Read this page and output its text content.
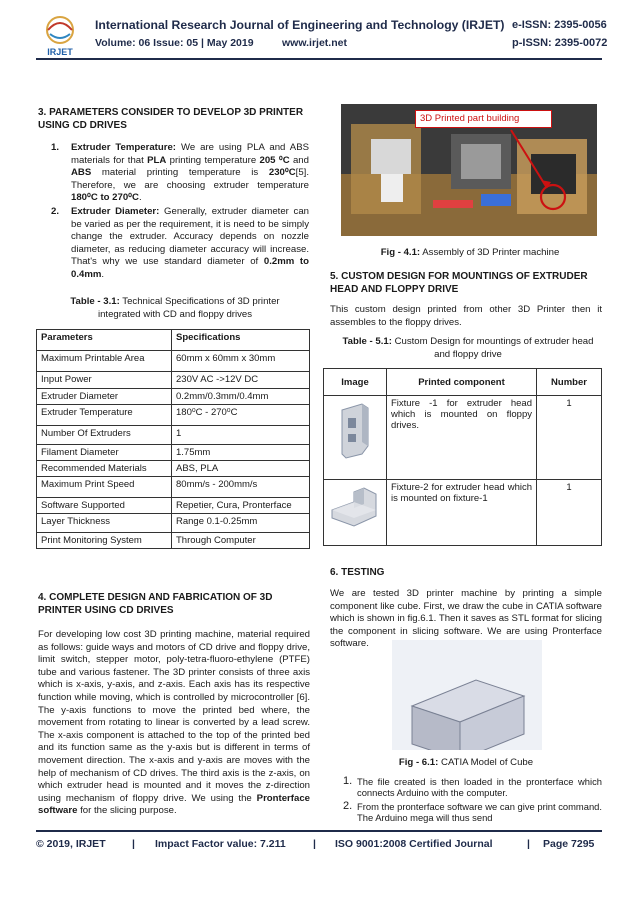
IRJET
International Research Journal of Engineering and Technology (IRJET) e-ISSN: 2395-0056
Volume: 06 Issue: 05 | May 2019	www.irjet.net	p-ISSN: 2395-0072
3. PARAMETERS CONSIDER TO DEVELOP 3D PRINTER USING CD DRIVES
1. Extruder Temperature: We are using PLA and ABS materials for that PLA printing temperature 205 ⁰C and ABS material printing temperature is 230⁰C[5]. Therefore, we are choosing extruder temperature 180⁰C to 270⁰C.
2. Extruder Diameter: Generally, extruder diameter can be varied as per the requirement, it is need to be simply change the extruder. Accuracy depends on nozzle diameter, as reducing diameter accuracy will increase. That's why we use standard diameter of 0.2mm to 0.4mm.
Table - 3.1: Technical Specifications of 3D printer integrated with CD and floppy drives
Parameters	Specifications
Maximum Printable Area	60mm x 60mm x 30mm
Input Power	230V AC ->12V DC
Extruder Diameter	0.2mm/0.3mm/0.4mm
Extruder Temperature	180⁰C - 270⁰C
Number Of Extruders	1
Filament Diameter	1.75mm
Recommended Materials	ABS, PLA
Maximum Print Speed	80mm/s - 200mm/s
Software Supported	Repetier, Cura, Pronterface
Layer Thickness	Range 0.1-0.25mm
Print Monitoring System	Through Computer
4. COMPLETE DESIGN AND FABRICATION OF 3D PRINTER USING CD DRIVES
For developing low cost 3D printing machine, material required as follows: guide ways and motors of CD drive and floppy drive, limit switch, stepper motor, poly-tetra-fluoro-ethylene (PTFE) tube and various fastener. The 3D printer consists of three axis which is x-axis, y-axis, and z-axis. Each axis has its respective function while moving, which is controlled by microcontroller [6]. The y-axis functions to move the printed bed where, the movement from rotating to linear is converted by a lead screw. The x-axis component is attached to the top of the printed bed and its function same as the y-axis but is different in terms of movement direction. The x-axis and y-axis are moves with the help of mechanism of CD drives. The third axis is the z-axis, on which extruder head is mounted and it moves the z-direction using mechanism of floppy drive. We using the Pronterface software for the slicing purpose.
3D Printed part building
Fig - 4.1: Assembly of 3D Printer machine
5. CUSTOM DESIGN FOR MOUNTINGS OF EXTRUDER HEAD AND FLOPPY DRIVE
This custom design printed from other 3D Printer then it assembles to the floppy drives.
Table - 5.1: Custom Design for mountings of extruder head and floppy drive
Image	Printed component	Number
	Fixture -1 for extruder head which is mounted on floppy drives.	1
	Fixture-2 for extruder head which is mounted on fixture-1	1
6. TESTING
We are tested 3D printer machine by printing a simple component like cube. First, we draw the cube in CATIA software which is shown in fig.6.1. Then it saves as STL format for slicing the component in slicing software. We are using Pronterface software.
Fig - 6.1: CATIA Model of Cube
© 2019, IRJET	| Impact Factor value: 7.211	| ISO 9001:2008 Certified Journal	| Page 7295
1. The file created is then loaded in the pronterface which connects Arduino with the computer.
2. From the pronterface software we can give print command. The Arduino mega will thus send
